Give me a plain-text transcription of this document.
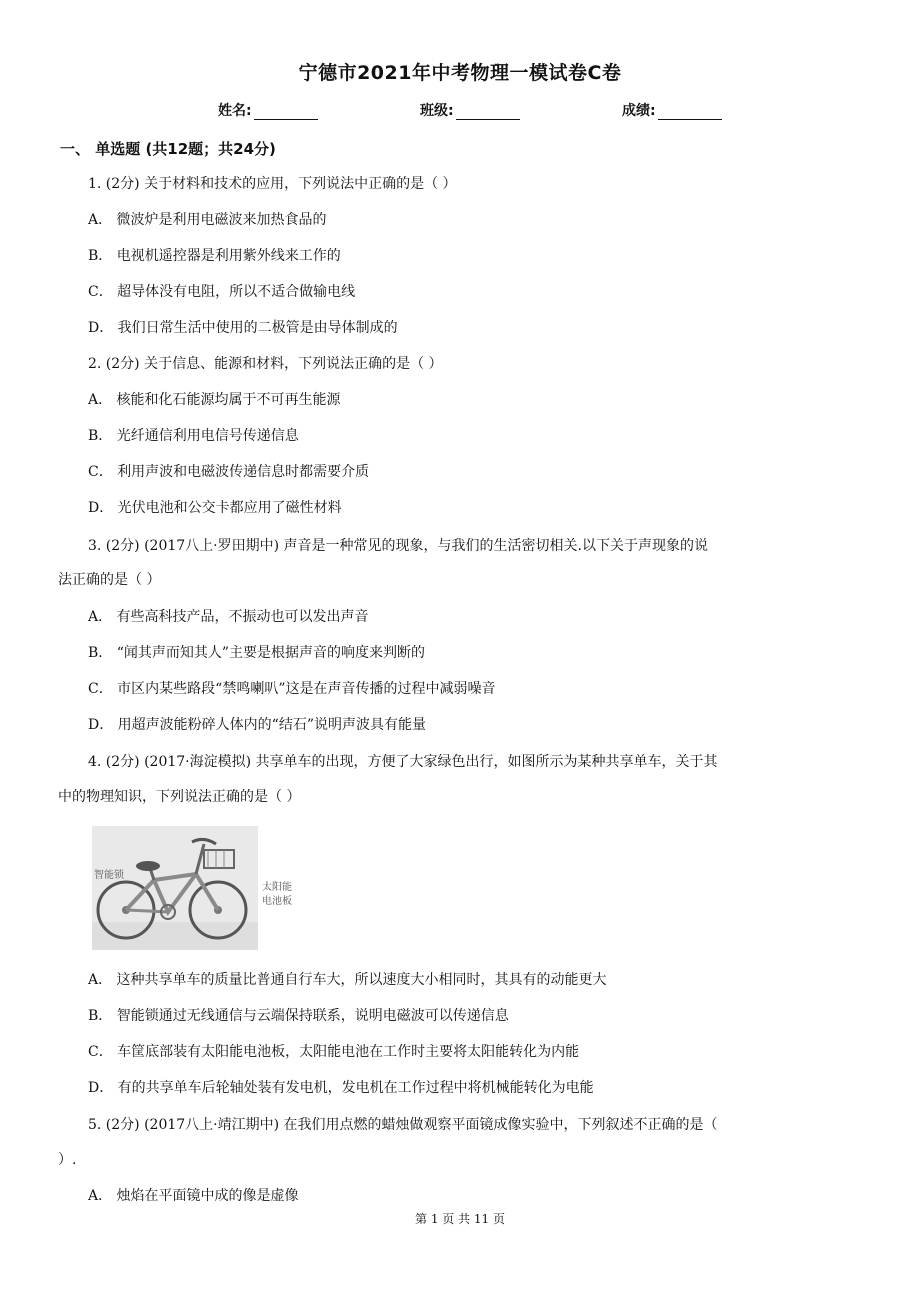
宁德市2021年中考物理一模试卷C卷
姓名:	班级:	成绩:
一、 单选题 (共12题；共24分)
1. (2分) 关于材料和技术的应用，下列说法中正确的是（ ）
A． 微波炉是利用电磁波来加热食品的
B． 电视机遥控器是利用紫外线来工作的
C． 超导体没有电阻，所以不适合做输电线
D． 我们日常生活中使用的二极管是由导体制成的
2. (2分) 关于信息、能源和材料，下列说法正确的是（ ）
A． 核能和化石能源均属于不可再生能源
B． 光纤通信利用电信号传递信息
C． 利用声波和电磁波传递信息时都需要介质
D． 光伏电池和公交卡都应用了磁性材料
3. (2分) (2017八上·罗田期中) 声音是一种常见的现象，与我们的生活密切相关.以下关于声现象的说
法正确的是（ ）
A． 有些高科技产品，不振动也可以发出声音
B． “闻其声而知其人”主要是根据声音的响度来判断的
C． 市区内某些路段“禁鸣喇叭”这是在声音传播的过程中减弱噪音
D． 用超声波能粉碎人体内的“结石”说明声波具有能量
4. (2分) (2017·海淀模拟) 共享单车的出现，方便了大家绿色出行，如图所示为某种共享单车，关于其
中的物理知识，下列说法正确的是（ ）
智能锁
太阳能
电池板
A． 这种共享单车的质量比普通自行车大，所以速度大小相同时，其具有的动能更大
B． 智能锁通过无线通信与云端保持联系，说明电磁波可以传递信息
C． 车筐底部装有太阳能电池板，太阳能电池在工作时主要将太阳能转化为内能
D． 有的共享单车后轮轴处装有发电机，发电机在工作过程中将机械能转化为电能
5. (2分) (2017八上·靖江期中) 在我们用点燃的蜡烛做观察平面镜成像实验中，下列叙述不正确的是（
）.
A． 烛焰在平面镜中成的像是虚像
第 1 页 共 11 页
